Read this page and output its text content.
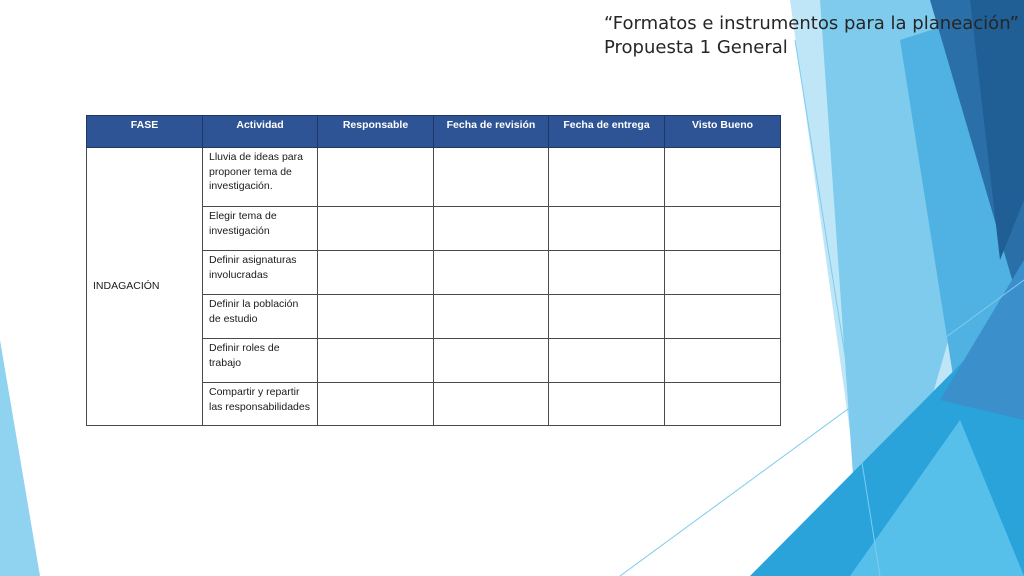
“Formatos e instrumentos para la planeación”
Propuesta 1 General
FASE	Actividad	Responsable	Fecha de revisión	Fecha de entrega	Visto Bueno
INDAGACIÓN	Lluvia de ideas para proponer tema de investigación.				
	Elegir tema de investigación				
	Definir asignaturas involucradas				
	Definir la población de estudio				
	Definir roles de trabajo				
	Compartir y repartir las responsabilidades				
